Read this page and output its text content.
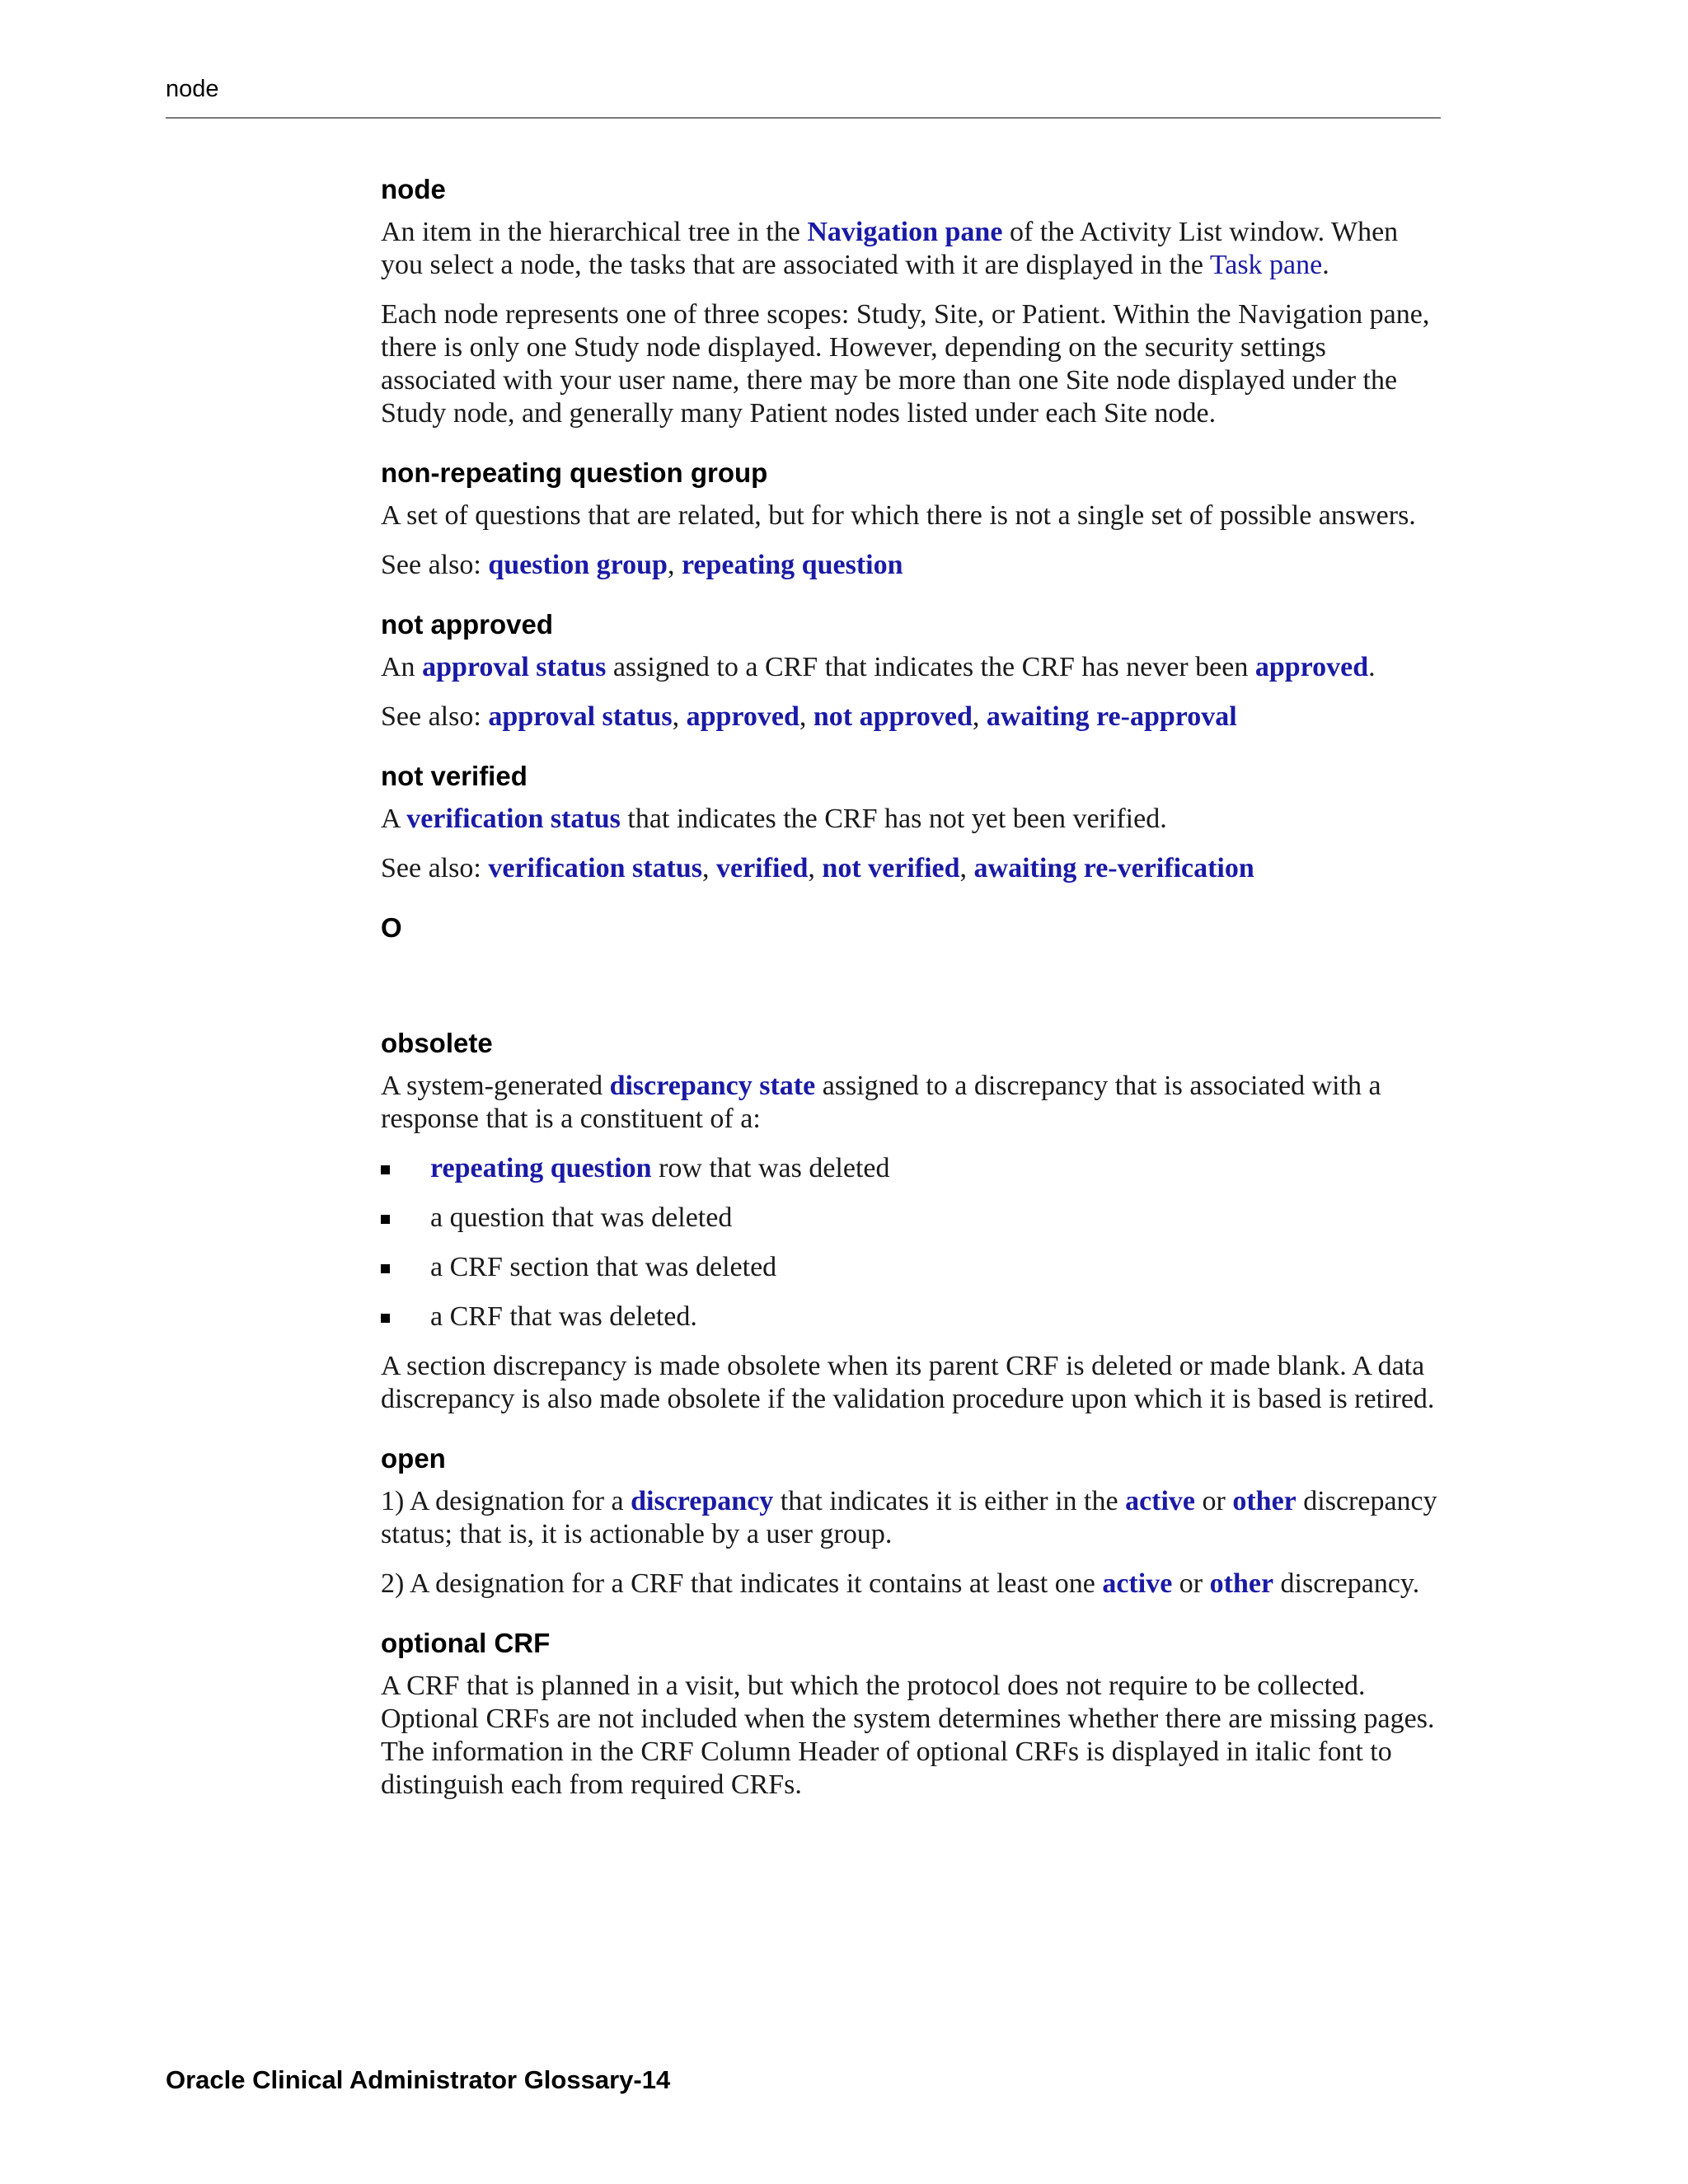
node
node

An item in the hierarchical tree in the Navigation pane of the Activity List window. When you select a node, the tasks that are associated with it are displayed in the Task pane.

Each node represents one of three scopes: Study, Site, or Patient. Within the Navigation pane, there is only one Study node displayed. However, depending on the security settings associated with your user name, there may be more than one Site node displayed under the Study node, and generally many Patient nodes listed under each Site node.

non-repeating question group

A set of questions that are related, but for which there is not a single set of possible answers.

See also: question group, repeating question

not approved

An approval status assigned to a CRF that indicates the CRF has never been approved.

See also: approval status, approved, not approved, awaiting re-approval

not verified

A verification status that indicates the CRF has not yet been verified.

See also: verification status, verified, not verified, awaiting re-verification

O
obsolete

A system-generated discrepancy state assigned to a discrepancy that is associated with a response that is a constituent of a:

repeating question row that was deleted
a question that was deleted
a CRF section that was deleted
a CRF that was deleted.

A section discrepancy is made obsolete when its parent CRF is deleted or made blank. A data discrepancy is also made obsolete if the validation procedure upon which it is based is retired.

open

1) A designation for a discrepancy that indicates it is either in the active or other discrepancy status; that is, it is actionable by a user group.

2) A designation for a CRF that indicates it contains at least one active or other discrepancy.

optional CRF

A CRF that is planned in a visit, but which the protocol does not require to be collected. Optional CRFs are not included when the system determines whether there are missing pages. The information in the CRF Column Header of optional CRFs is displayed in italic font to distinguish each from required CRFs.

Oracle Clinical Administrator Glossary-14
